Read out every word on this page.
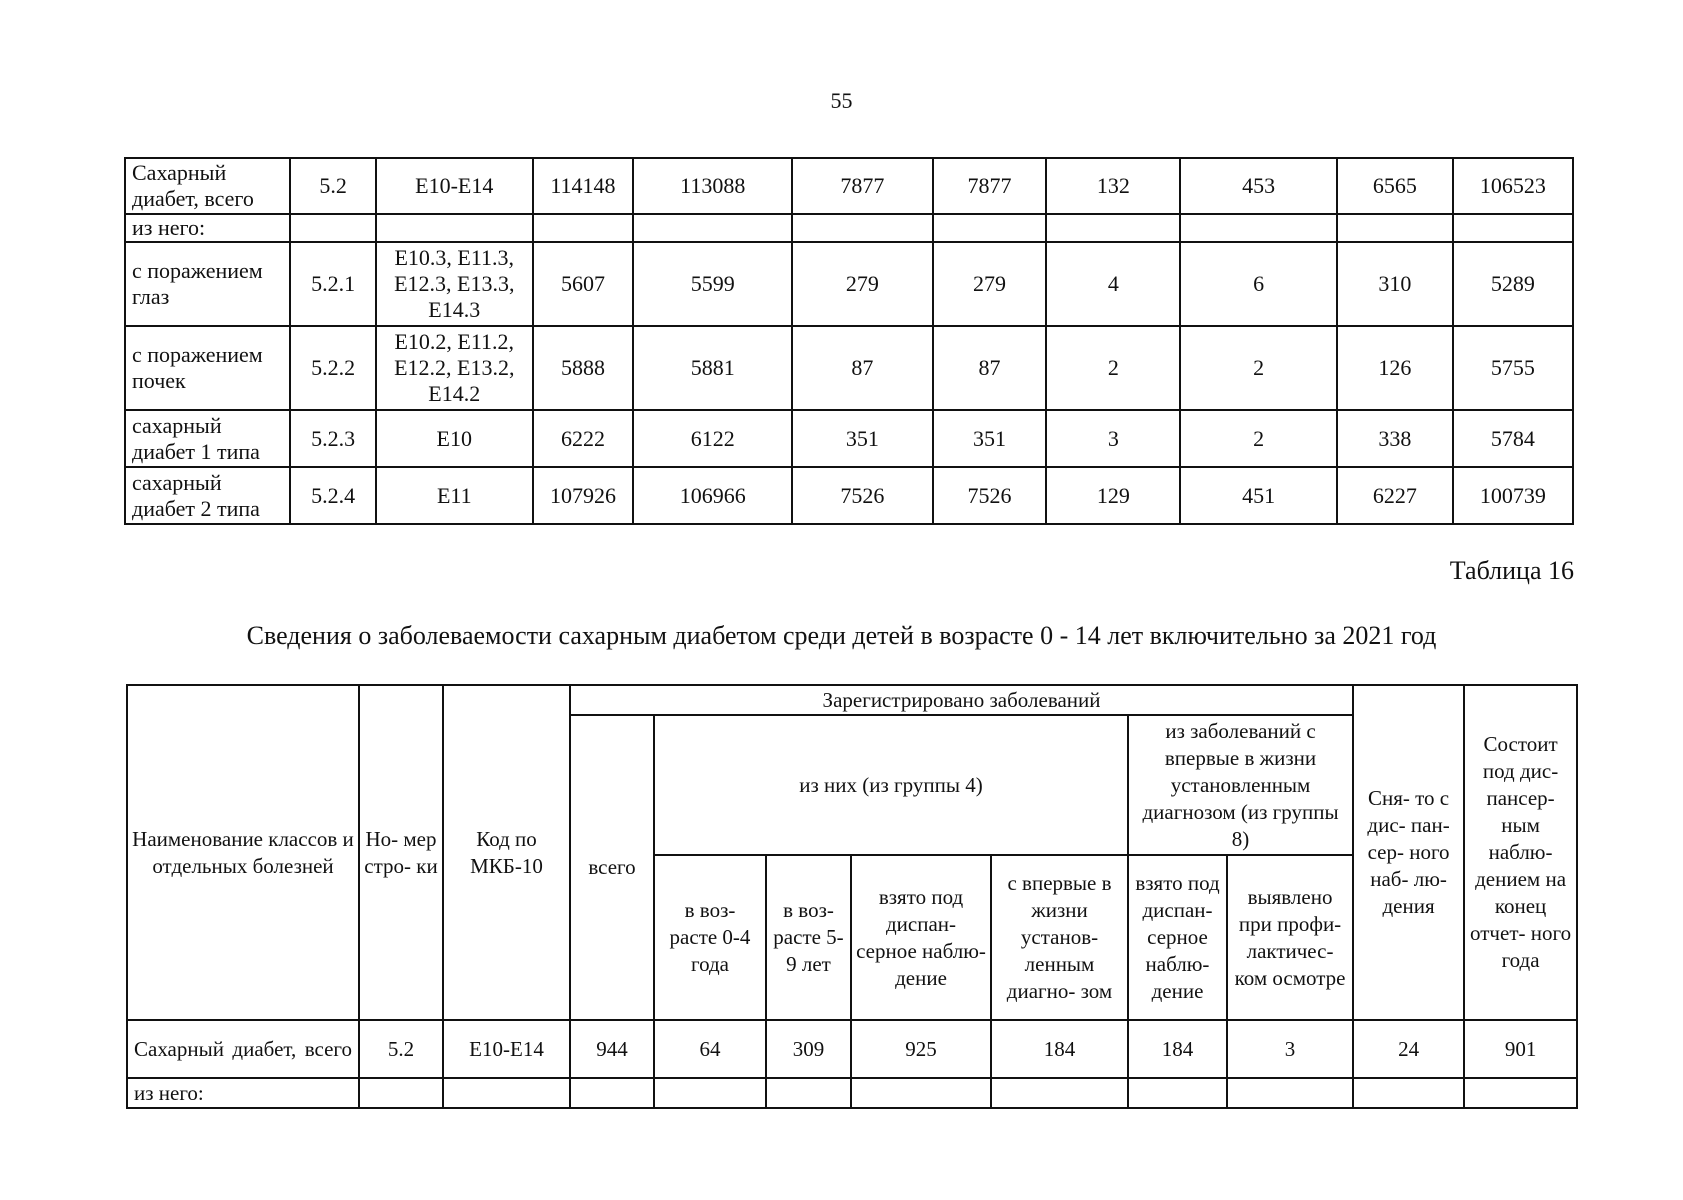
55
Сахарный диабет, всего	5.2	E10-E14	114148	113088	7877	7877	132	453	6565	106523
из него:										
с поражением глаз	5.2.1	E10.3, E11.3, E12.3, E13.3, E14.3	5607	5599	279	279	4	6	310	5289
с поражением почек	5.2.2	E10.2, E11.2, E12.2, E13.2, E14.2	5888	5881	87	87	2	2	126	5755
сахарный диабет 1 типа	5.2.3	E10	6222	6122	351	351	3	2	338	5784
сахарный диабет 2 типа	5.2.4	E11	107926	106966	7526	7526	129	451	6227	100739
Таблица 16
Сведения о заболеваемости сахарным диабетом среди детей в возрасте 0 - 14 лет включительно за 2021 год
Наименование классов и отдельных болезней	Но- мер стро- ки	Код по МКБ-10	Зарегистрировано заболеваний							Сня- то с дис- пан- сер- ного наб- лю- дения	Состоит под дис- пансер- ным наблю- дением на конец отчет- ного года

			всего	из них (из группы 4)				из заболеваний с впервые в жизни установленным диагнозом (из группы 8)			

				в воз- расте 0-4 года	в воз- расте 5-9 лет	взято под диспан- серное наблю- дение	с впервые в жизни установ- ленным диагно- зом	взято под диспан- серное наблю- дение	выявлено при профи- лактичес- ком осмотре		

Сахарный диабет, всего	5.2	E10-E14	944	64	309	925	184	184	3	24	901
из него:											
